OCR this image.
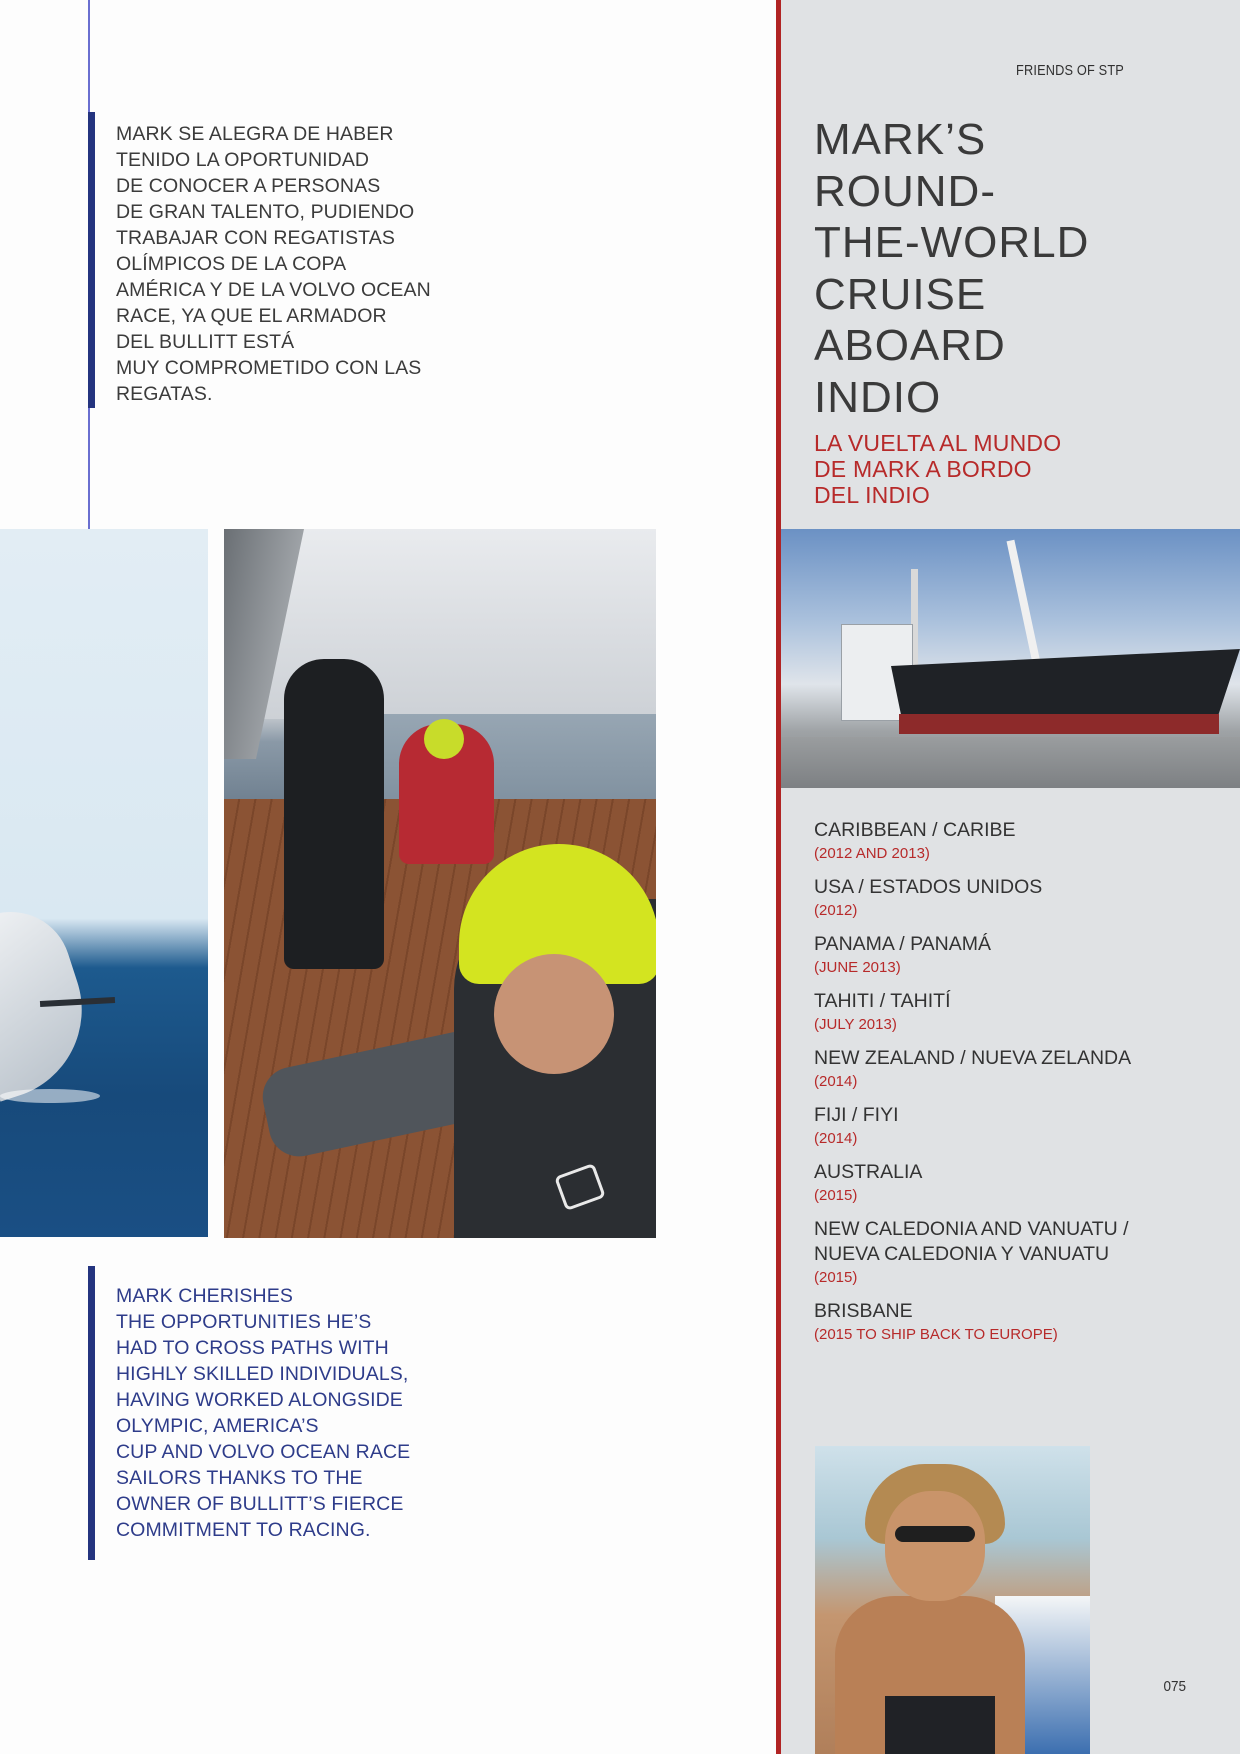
MARK SE ALEGRA DE HABER
TENIDO LA OPORTUNIDAD
DE CONOCER A PERSONAS
DE GRAN TALENTO, PUDIENDO
TRABAJAR CON REGATISTAS
OLÍMPICOS DE LA COPA
AMÉRICA Y DE LA VOLVO OCEAN
RACE, YA QUE EL ARMADOR
DEL BULLITT ESTÁ
MUY COMPROMETIDO CON LAS
REGATAS.

MARK CHERISHES
THE OPPORTUNITIES HE’S
HAD TO CROSS PATHS WITH
HIGHLY SKILLED INDIVIDUALS,
HAVING WORKED ALONGSIDE
OLYMPIC, AMERICA’S
CUP AND VOLVO OCEAN RACE
SAILORS THANKS TO THE
OWNER OF BULLITT’S FIERCE
COMMITMENT TO RACING.

FRIENDS OF STP

MARK’S
ROUND-
THE-WORLD
CRUISE
ABOARD
INDIO
LA VUELTA AL MUNDO
DE MARK A BORDO
DEL INDIO
CARIBBEAN / CARIBE
(2012 AND 2013)
USA / ESTADOS UNIDOS
(2012)
PANAMA / PANAMÁ
(JUNE 2013)
TAHITI / TAHITÍ
(JULY 2013)
NEW ZEALAND / NUEVA ZELANDA
(2014)
FIJI / FIYI
(2014)
AUSTRALIA
(2015)
NEW CALEDONIA AND VANUATU / NUEVA CALEDONIA Y VANUATU
(2015)
BRISBANE
(2015 TO SHIP BACK TO EUROPE)

075
